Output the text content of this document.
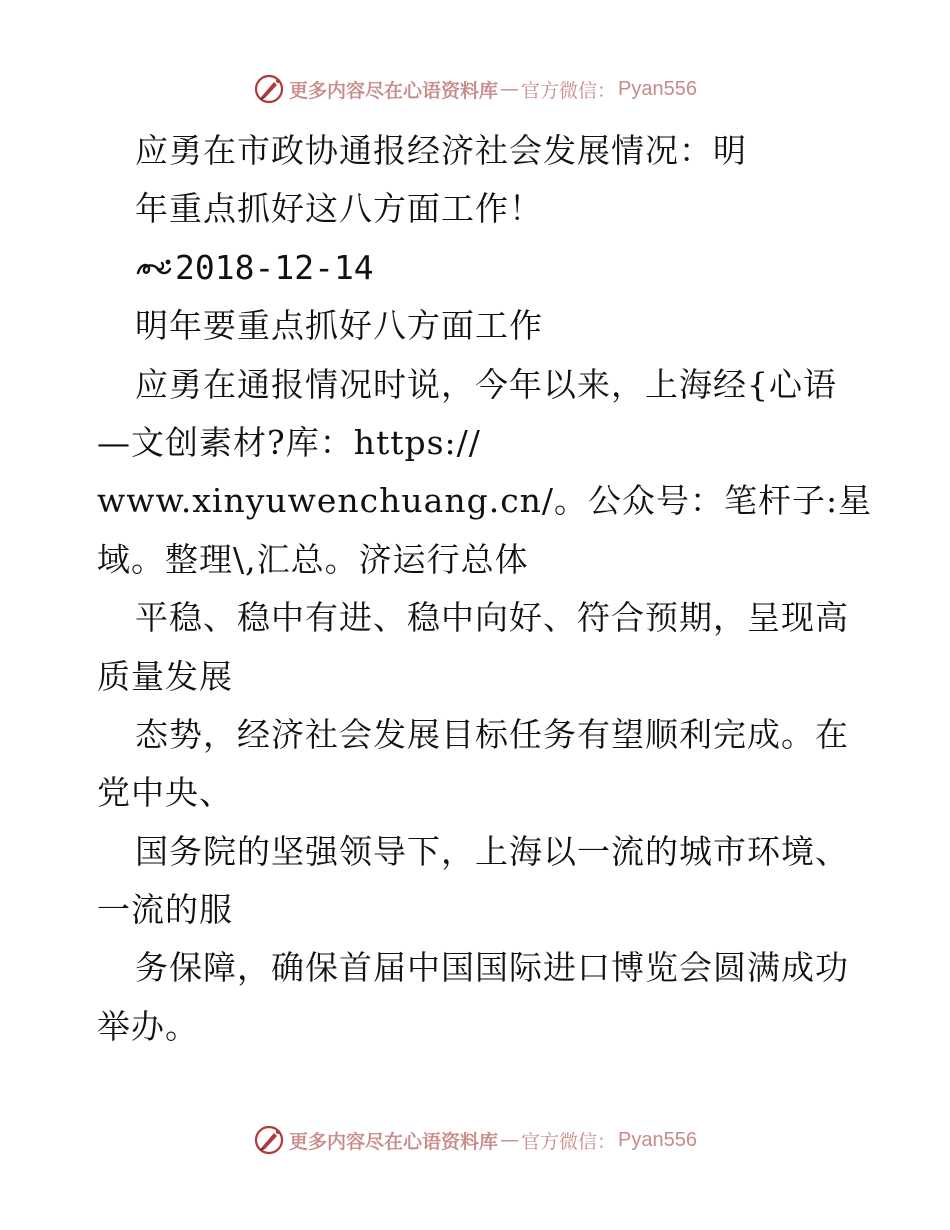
更多内容尽在心语资料库 — 官方微信： Pyan556
应勇在市政协通报经济社会发展情况：明
年重点抓好这八方面工作！
2018-12-14
明年要重点抓好八方面工作
应勇在通报情况时说，今年以来，上海经{心语
—文创素材?库：https://
www.xinyuwenchuang.cn/。公众号：笔杆子:星
域。整理\,汇总。济运行总体
平稳、稳中有进、稳中向好、符合预期，呈现高
质量发展
态势，经济社会发展目标任务有望顺利完成。在
党中央、
国务院的坚强领导下，上海以一流的城市环境、
一流的服
务保障，确保首届中国国际进口博览会圆满成功
举办。
更多内容尽在心语资料库 — 官方微信： Pyan556
